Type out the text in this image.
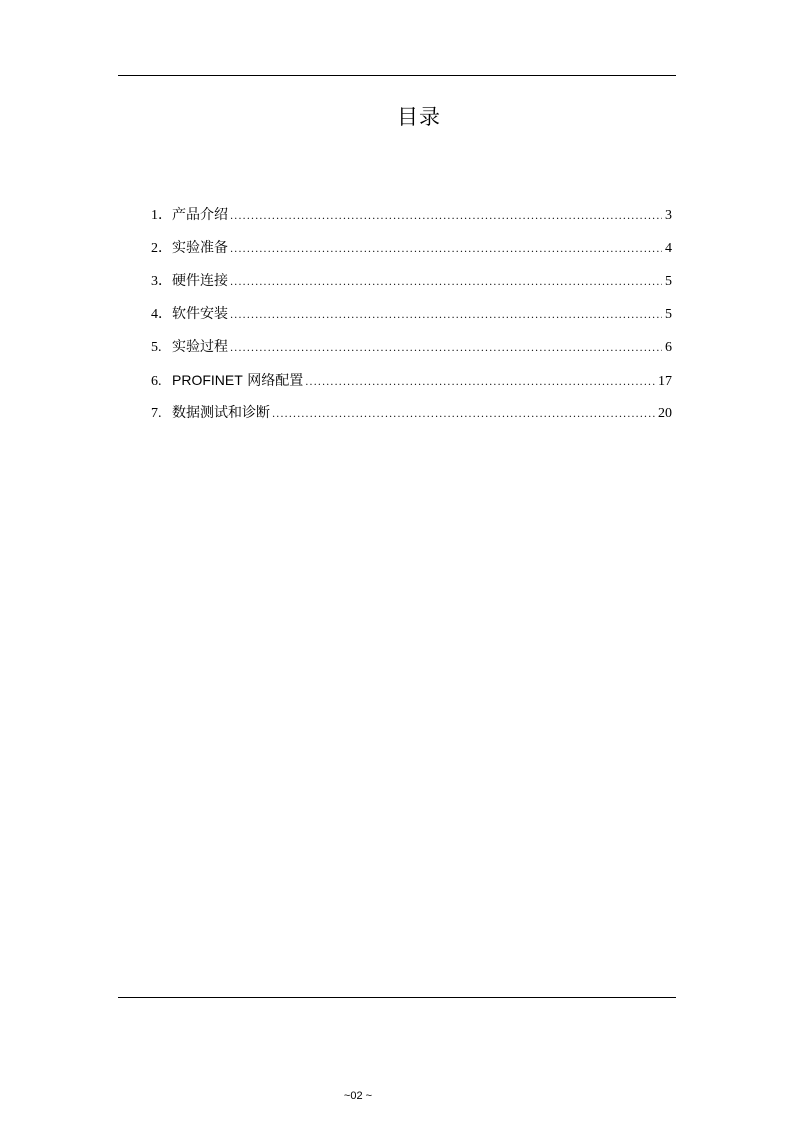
目录
1． 产品介绍 .....	3
2． 实验准备 .....	4
3． 硬件连接 .....	5
4． 软件安装 .....	5
5. 实验过程 .....	6
6. PROFINET 网络配置 .....	17
7. 数据测试和诊断 .....	20
~02 ~
